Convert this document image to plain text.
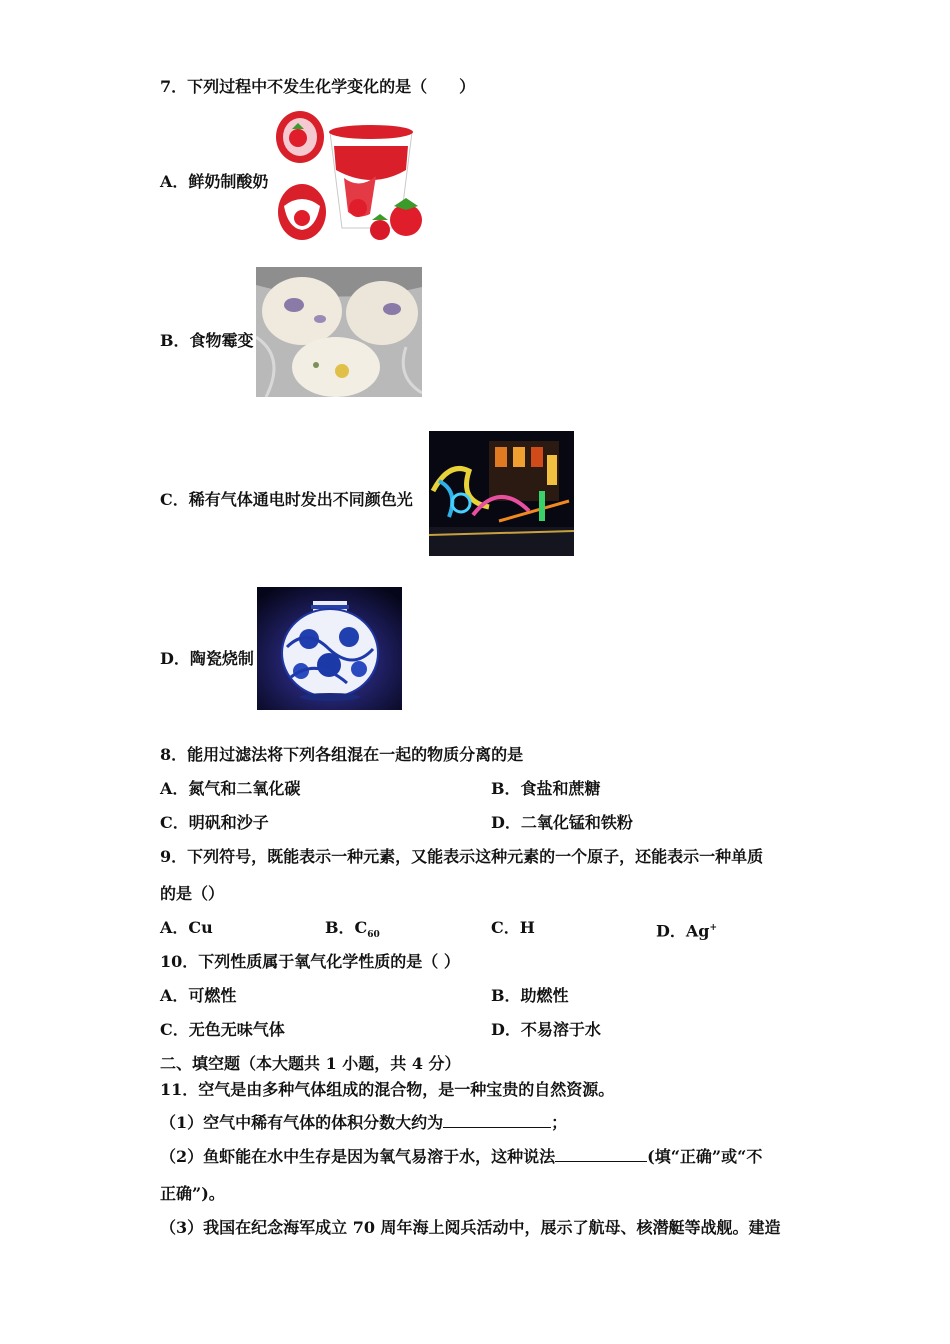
7．下列过程中不发生化学变化的是（　　）
A．鲜奶制酸奶
B．食物霉变
C．稀有气体通电时发出不同颜色光
D．陶瓷烧制
8．能用过滤法将下列各组混在一起的物质分离的是
A．氮气和二氧化碳	B．食盐和蔗糖
C．明矾和沙子	D．二氧化锰和铁粉
9．下列符号，既能表示一种元素，又能表示这种元素的一个原子，还能表示一种单质
的是（）
A．Cu	B．$C_{60}$	C．H	D．Ag+
10．下列性质属于氧气化学性质的是（ ）
A．可燃性	B．助燃性
C．无色无味气体	D．不易溶于水
二、填空题（本大题共 1 小题，共 4 分）
11．空气是由多种气体组成的混合物，是一种宝贵的自然资源。
（1）空气中稀有气体的体积分数大约为	；
（2）鱼虾能在水中生存是因为氧气易溶于水，这种说法	(填“正确”或“不
正确”)。
（3）我国在纪念海军成立 70 周年海上阅兵活动中，展示了航母、核潜艇等战舰。建造
